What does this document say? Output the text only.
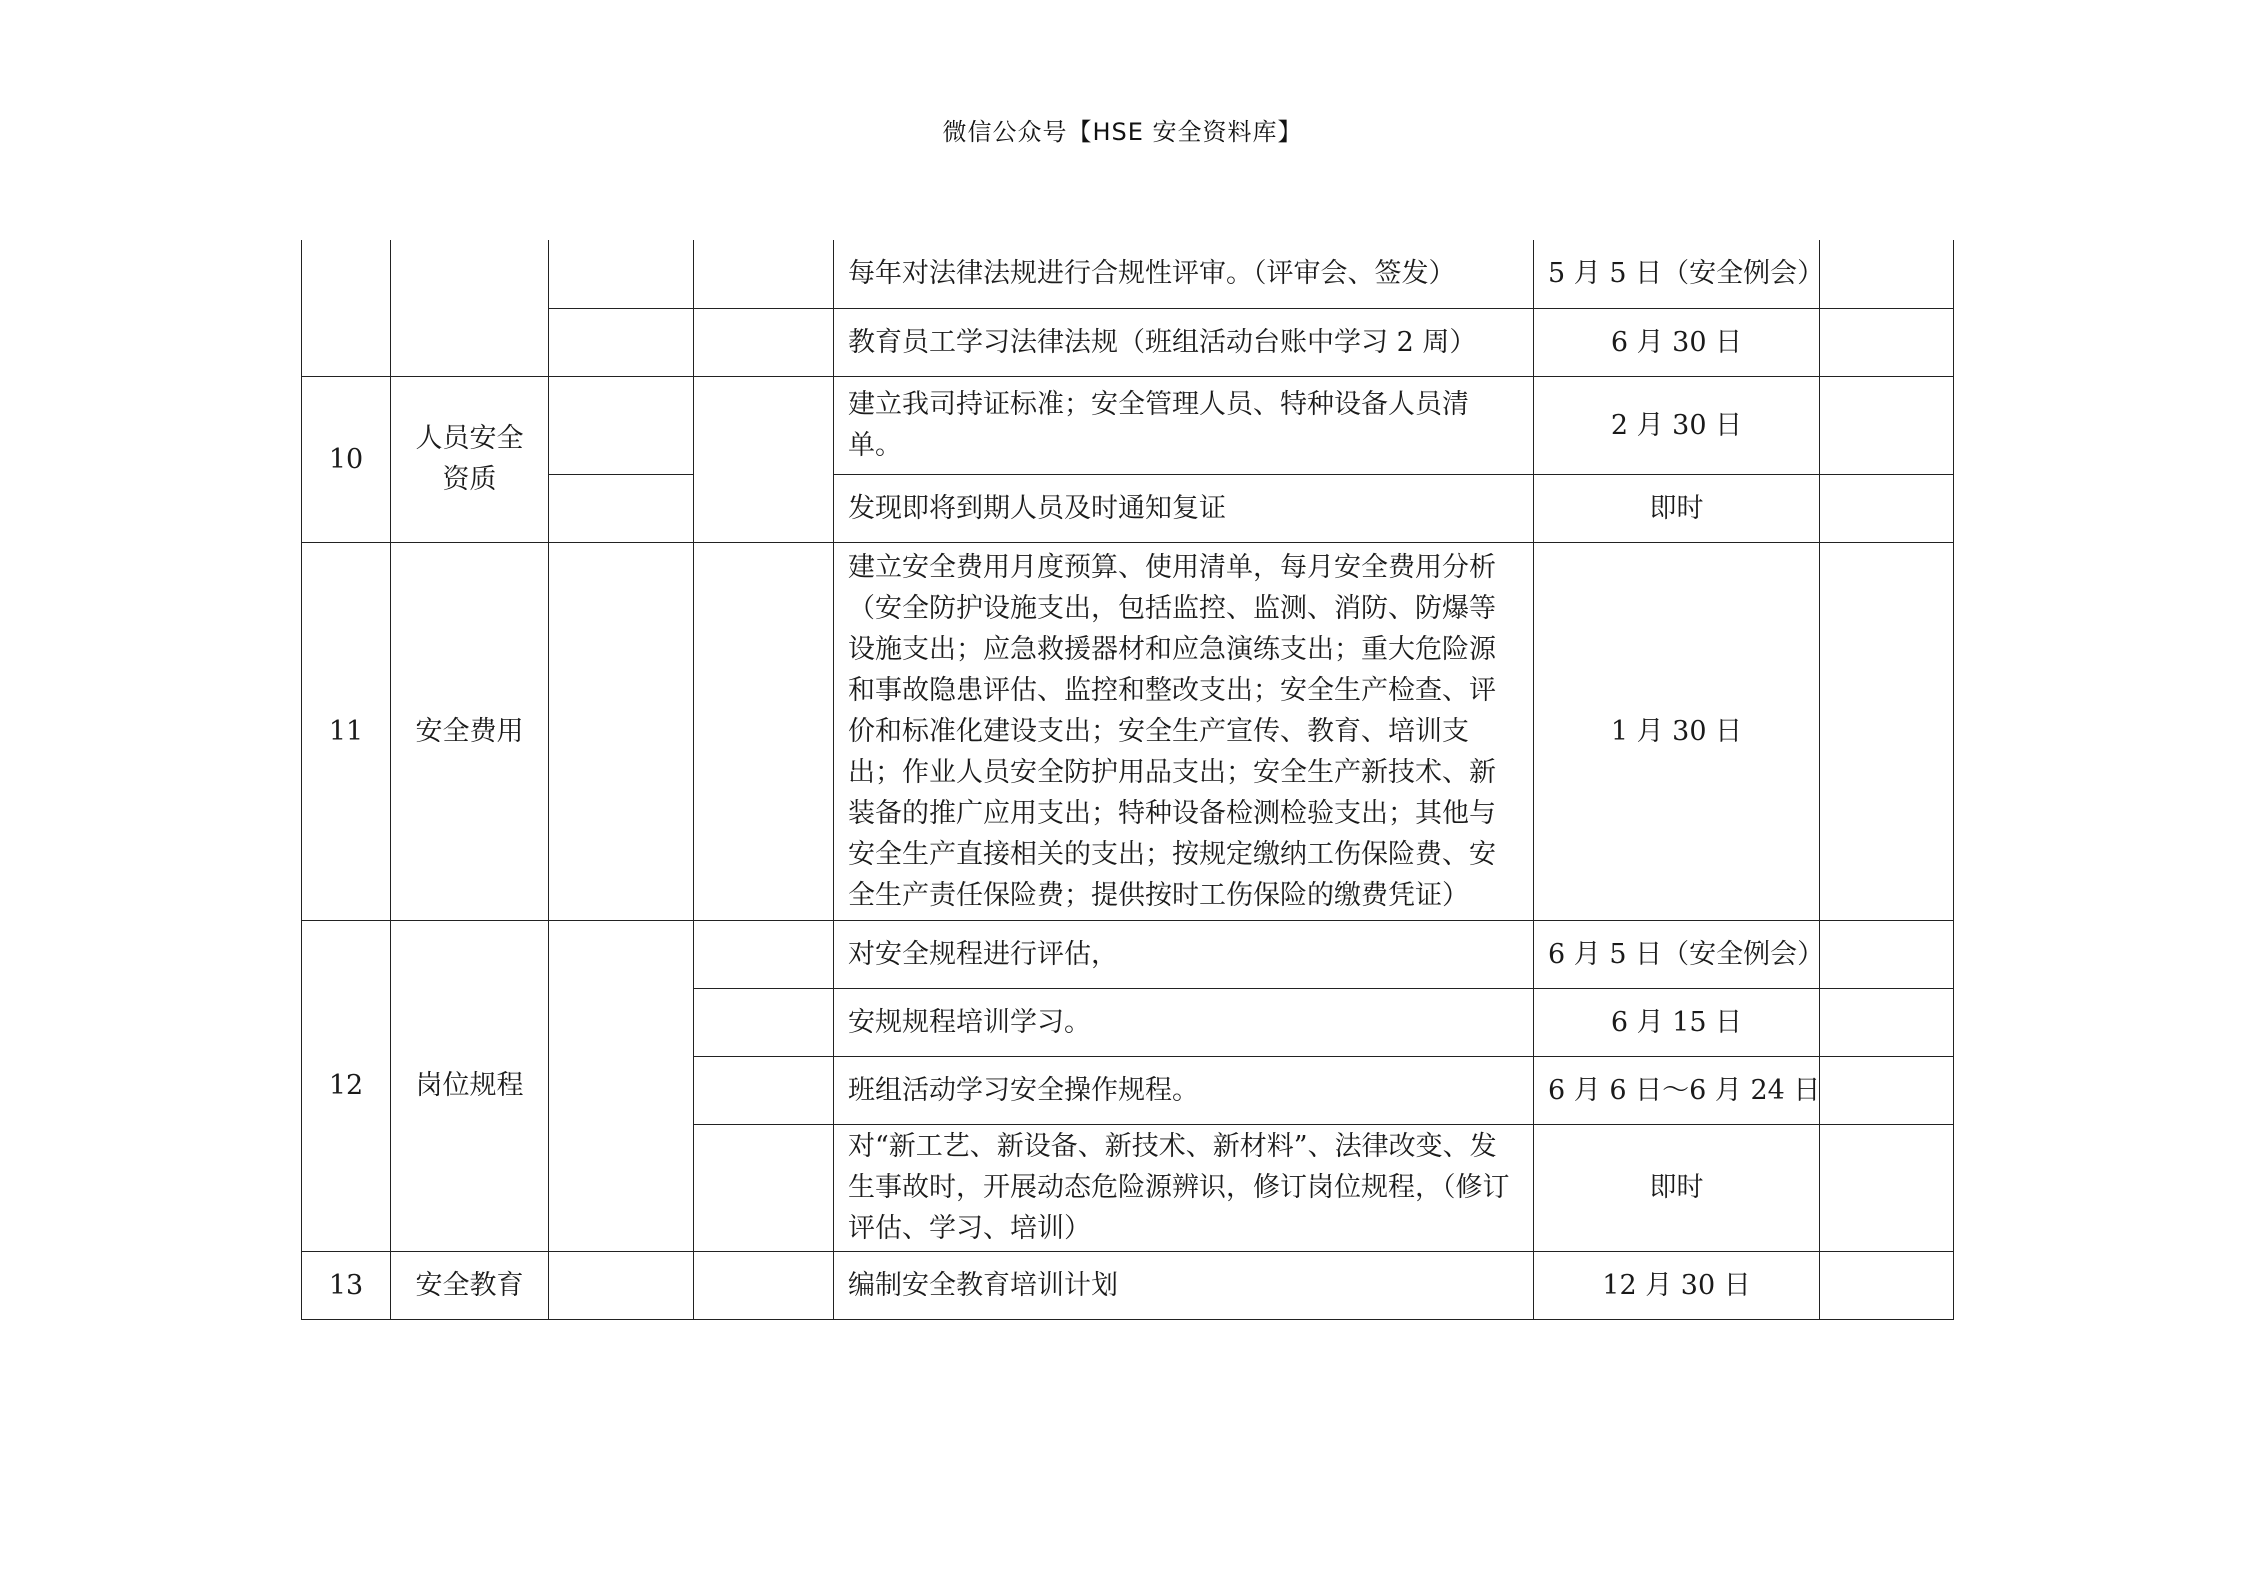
微信公众号【HSE 安全资料库】
				每年对法律法规进行合规性评审。（评审会、签发）	5 月 5 日（安全例会）	
				教育员工学习法律法规（班组活动台账中学习 2 周）	6 月 30 日	
10	人员安全资质			建立我司持证标准；安全管理人员、特种设备人员清单。	2 月 30 日	
				发现即将到期人员及时通知复证	即时	
11	安全费用			建立安全费用月度预算、使用清单，每月安全费用分析（安全防护设施支出，包括监控、监测、消防、防爆等设施支出；应急救援器材和应急演练支出；重大危险源和事故隐患评估、监控和整改支出；安全生产检查、评价和标准化建设支出；安全生产宣传、教育、培训支出；作业人员安全防护用品支出；安全生产新技术、新装备的推广应用支出；特种设备检测检验支出；其他与安全生产直接相关的支出；按规定缴纳工伤保险费、安全生产责任保险费；提供按时工伤保险的缴费凭证）	1 月 30 日	
12	岗位规程			对安全规程进行评估，	6 月 5 日（安全例会）	
				安规规程培训学习。	6 月 15 日	
				班组活动学习安全操作规程。	6 月 6 日～6 月 24 日	
				对“新工艺、新设备、新技术、新材料”、法律改变、发生事故时，开展动态危险源辨识，修订岗位规程，（修订评估、学习、培训）	即时	
13	安全教育			编制安全教育培训计划	12 月 30 日	
